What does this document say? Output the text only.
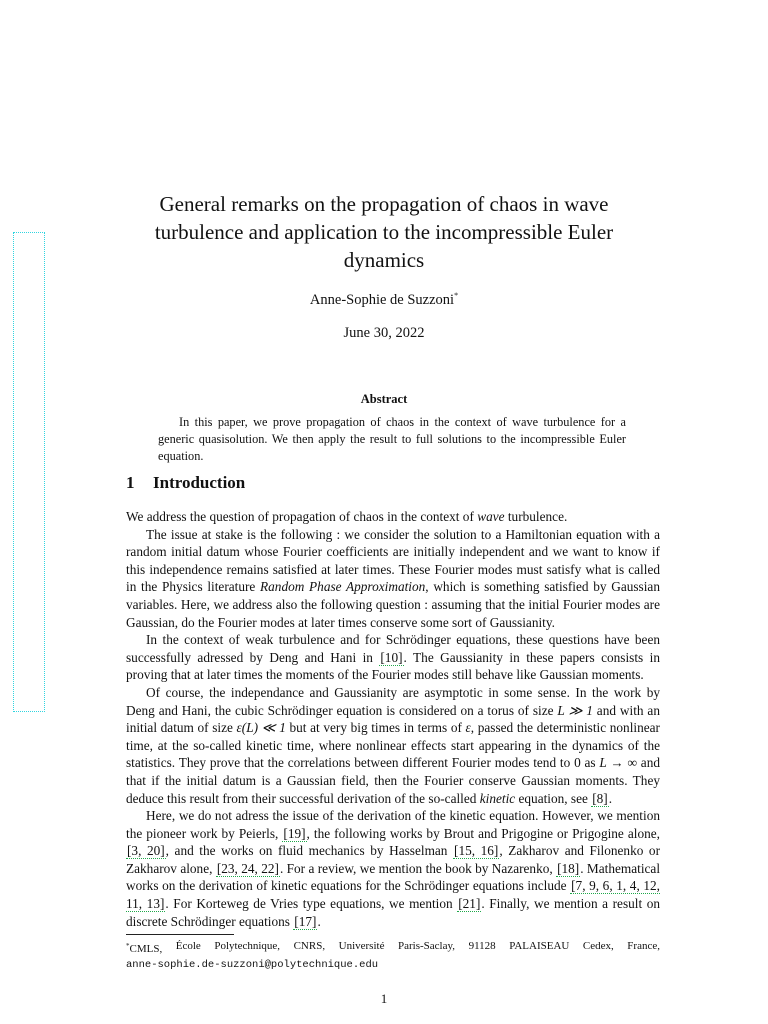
General remarks on the propagation of chaos in wave turbulence and application to the incompressible Euler dynamics
Anne-Sophie de Suzzoni*
June 30, 2022
Abstract
In this paper, we prove propagation of chaos in the context of wave turbulence for a generic quasisolution. We then apply the result to full solutions to the incompressible Euler equation.
1 Introduction

We address the question of propagation of chaos in the context of wave turbulence.

The issue at stake is the following : we consider the solution to a Hamiltonian equation with a random initial datum whose Fourier coefficients are initially independent and we want to know if this independence remains satisfied at later times. These Fourier modes must satisfy what is called in the Physics literature Random Phase Approximation, which is something satisfied by Gaussian variables. Here, we address also the following question : assuming that the initial Fourier modes are Gaussian, do the Fourier modes at later times conserve some sort of Gaussianity.

In the context of weak turbulence and for Schrödinger equations, these questions have been successfully adressed by Deng and Hani in [10]. The Gaussianity in these papers consists in proving that at later times the moments of the Fourier modes still behave like Gaussian moments.

Of course, the independance and Gaussianity are asymptotic in some sense. In the work by Deng and Hani, the cubic Schrödinger equation is considered on a torus of size L ≫ 1 and with an initial datum of size ε(L) ≪ 1 but at very big times in terms of ε, passed the deterministic nonlinear time, at the so-called kinetic time, where nonlinear effects start appearing in the dynamics of the statistics. They prove that the correlations between different Fourier modes tend to 0 as L → ∞ and that if the initial datum is a Gaussian field, then the Fourier conserve Gaussian moments. They deduce this result from their successful derivation of the so-called kinetic equation, see [8].

Here, we do not adress the issue of the derivation of the kinetic equation. However, we mention the pioneer work by Peierls, [19], the following works by Brout and Prigogine or Prigogine alone, [3, 20], and the works on fluid mechanics by Hasselman [15, 16], Zakharov and Filonenko or Zakharov alone, [23, 24, 22]. For a review, we mention the book by Nazarenko, [18]. Mathematical works on the derivation of kinetic equations for the Schrödinger equations include [7, 9, 6, 1, 4, 12, 11, 13]. For Korteweg de Vries type equations, we mention [21]. Finally, we mention a result on discrete Schrödinger equations [17].

*CMLS, École Polytechnique, CNRS, Université Paris-Saclay, 91128 PALAISEAU Cedex, France,
anne-sophie.de-suzzoni@polytechnique.edu
1
